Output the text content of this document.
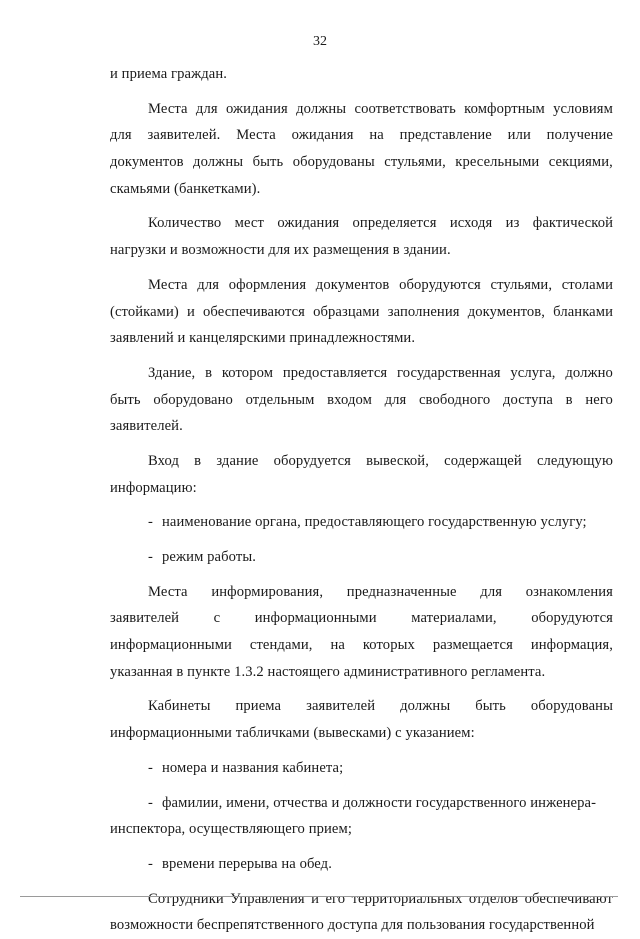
32
и приема граждан.
Места для ожидания должны соответствовать комфортным условиям
для заявителей. Места ожидания на представление или получение
документов должны быть оборудованы стульями, кресельными секциями,
скамьями (банкетками).
Количество мест ожидания определяется исходя из фактической
нагрузки и возможности для их размещения в здании.
Места для оформления документов оборудуются стульями, столами
(стойками) и обеспечиваются образцами заполнения документов, бланками
заявлений и канцелярскими принадлежностями.
Здание, в котором предоставляется государственная услуга, должно
быть оборудовано отдельным входом для свободного доступа в него
заявителей.
Вход в здание оборудуется вывеской, содержащей следующую
информацию:
- наименование органа, предоставляющего государственную услугу;
- режим работы.
Места информирования, предназначенные для ознакомления
заявителей с информационными материалами, оборудуются
информационными стендами, на которых размещается информация,
указанная в пункте 1.3.2 настоящего административного регламента.
Кабинеты приема заявителей должны быть оборудованы
информационными табличками (вывесками) с указанием:
- номера и названия кабинета;
- фамилии, имени, отчества и должности государственного инженера-
инспектора, осуществляющего прием;
- времени перерыва на обед.
Сотрудники Управления и его территориальных отделов обеспечивают
возможности беспрепятственного доступа для пользования государственной
